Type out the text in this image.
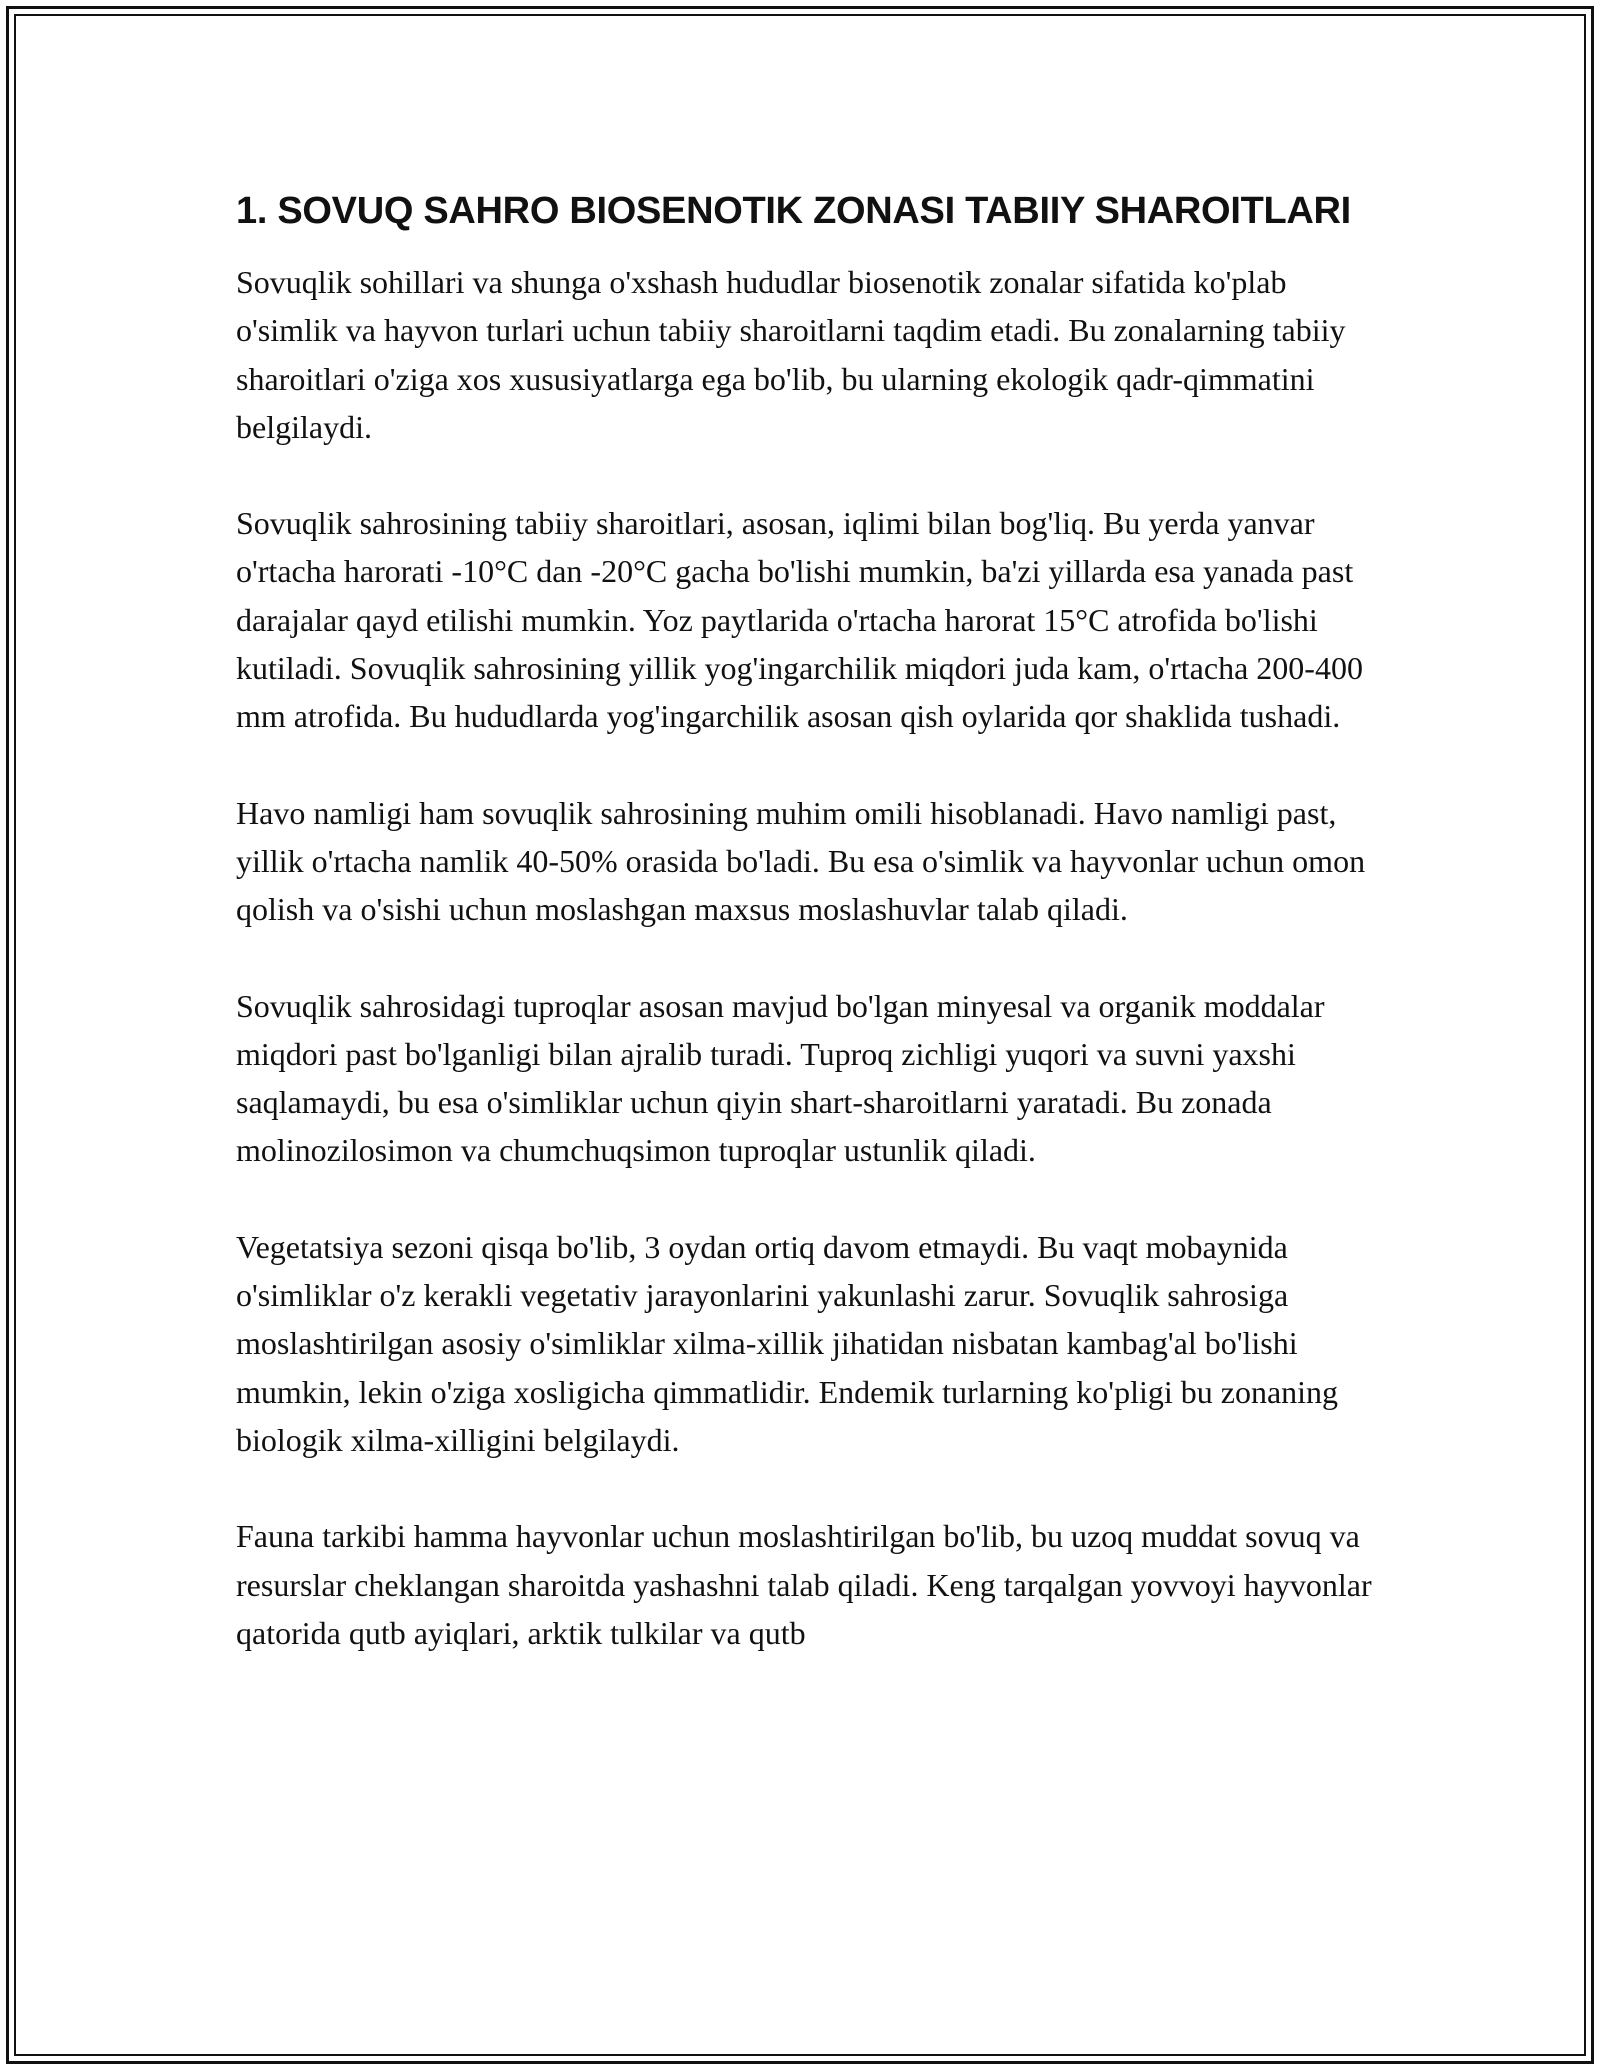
1. SOVUQ SAHRO BIOSENOTIK ZONASI TABIIY SHAROITLARI

Sovuqlik sohillari va shunga o'xshash hududlar biosenotik zonalar sifatida ko'plab o'simlik va hayvon turlari uchun tabiiy sharoitlarni taqdim etadi. Bu zonalarning tabiiy sharoitlari o'ziga xos xususiyatlarga ega bo'lib, bu ularning ekologik qadr-qimmatini belgilaydi.

Sovuqlik sahrosining tabiiy sharoitlari, asosan, iqlimi bilan bog'liq. Bu yerda yanvar o'rtacha harorati -10°C dan -20°C gacha bo'lishi mumkin, ba'zi yillarda esa yanada past darajalar qayd etilishi mumkin. Yoz paytlarida o'rtacha harorat 15°C atrofida bo'lishi kutiladi. Sovuqlik sahrosining yillik yog'ingarchilik miqdori juda kam, o'rtacha 200-400 mm atrofida. Bu hududlarda yog'ingarchilik asosan qish oylarida qor shaklida tushadi.

Havo namligi ham sovuqlik sahrosining muhim omili hisoblanadi. Havo namligi past, yillik o'rtacha namlik 40-50% orasida bo'ladi. Bu esa o'simlik va hayvonlar uchun omon qolish va o'sishi uchun moslashgan maxsus moslashuvlar talab qiladi.

Sovuqlik sahrosidagi tuproqlar asosan mavjud bo'lgan minyesal va organik moddalar miqdori past bo'lganligi bilan ajralib turadi. Tuproq zichligi yuqori va suvni yaxshi saqlamaydi, bu esa o'simliklar uchun qiyin shart-sharoitlarni yaratadi. Bu zonada molinozilosimon va chumchuqsimon tuproqlar ustunlik qiladi.

Vegetatsiya sezoni qisqa bo'lib, 3 oydan ortiq davom etmaydi. Bu vaqt mobaynida o'simliklar o'z kerakli vegetativ jarayonlarini yakunlashi zarur. Sovuqlik sahrosiga moslashtirilgan asosiy o'simliklar xilma-xillik jihatidan nisbatan kambag'al bo'lishi mumkin, lekin o'ziga xosligicha qimmatlidir. Endemik turlarning ko'pligi bu zonaning biologik xilma-xilligini belgilaydi.

Fauna tarkibi hamma hayvonlar uchun moslashtirilgan bo'lib, bu uzoq muddat sovuq va resurslar cheklangan sharoitda yashashni talab qiladi. Keng tarqalgan yovvoyi hayvonlar qatorida qutb ayiqlari, arktik tulkilar va qutb
